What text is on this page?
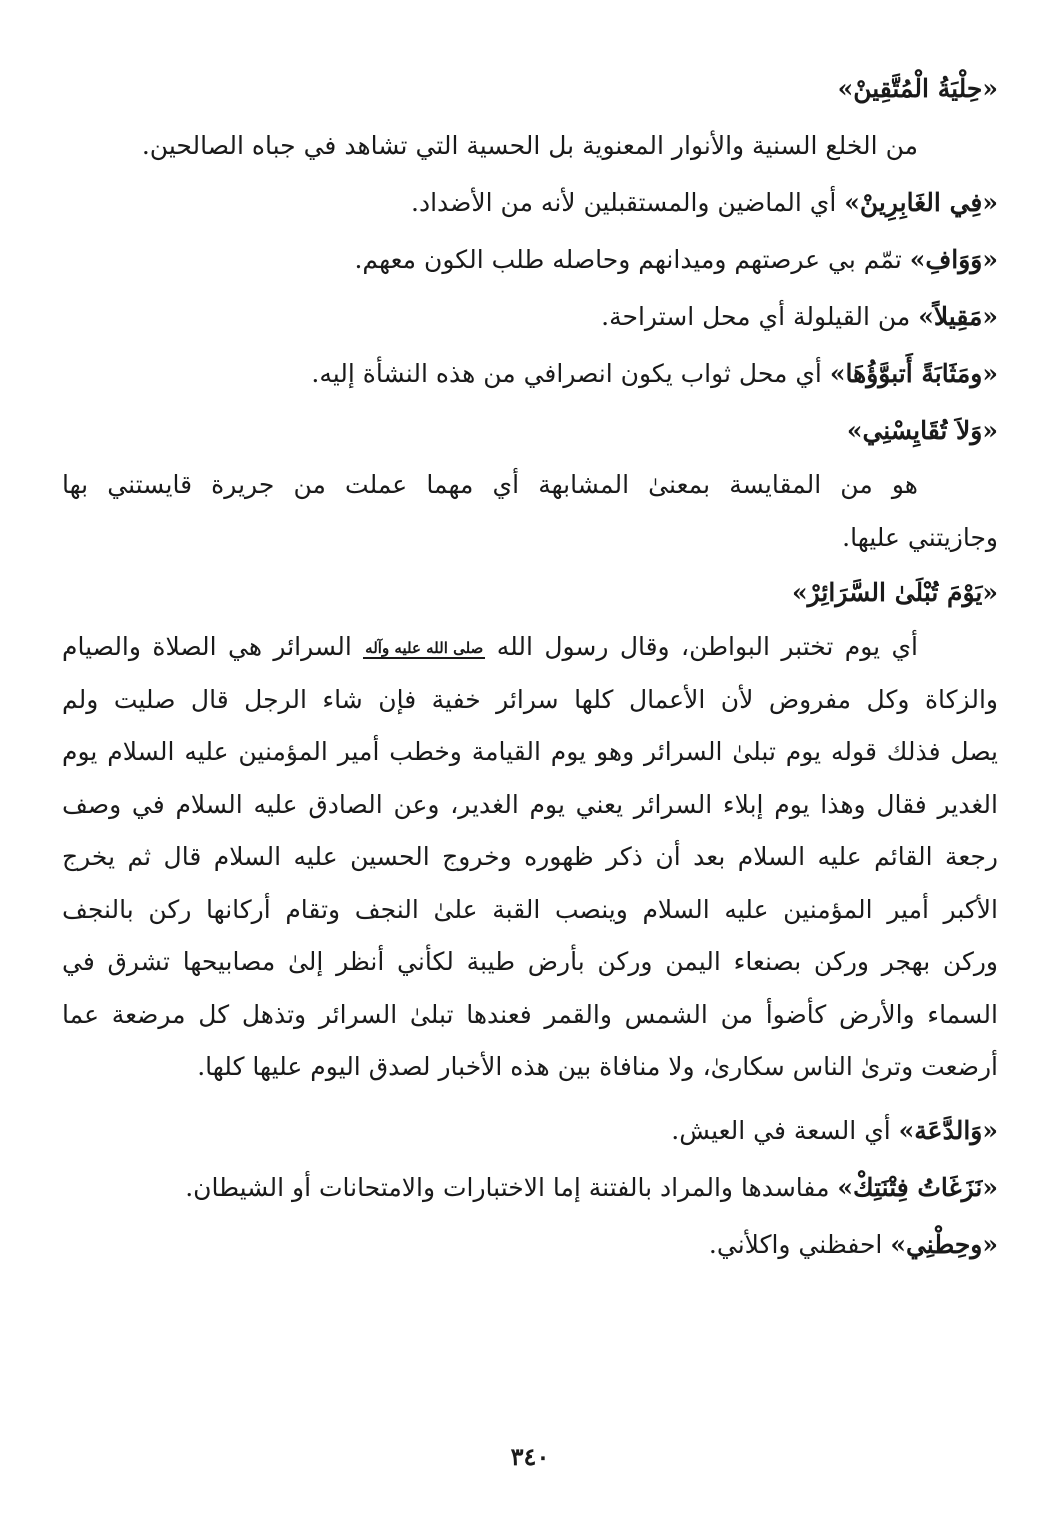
«حِلْيَةُ الْمُتَّقِينْ»
من الخلع السنية والأنوار المعنوية بل الحسية التي تشاهد في جباه الصالحين.
«فِي الغَابِرِينْ» أي الماضين والمستقبلين لأنه من الأضداد.
«وَوَافِ» تمّم بي عرصتهم وميدانهم وحاصله طلب الكون معهم.
«مَقِيلاً» من القيلولة أي محل استراحة.
«ومَثَابَةً أَتبوَّؤُهَا» أي محل ثواب يكون انصرافي من هذه النشأة إليه.
«وَلاَ تُقَايِسْنِي»
هو من المقايسة بمعنىٰ المشابهة أي مهما عملت من جريرة قايستني بها
وجازيتني عليها.
«يَوْمَ تُبْلَىٰ السَّرَائِرْ»
أي يوم تختبر البواطن، وقال رسول الله صلى الله عليه وآله السرائر هي الصلاة والصيام
والزكاة وكل مفروض لأن الأعمال كلها سرائر خفية فإن شاء الرجل قال صليت ولم
يصل فذلك قوله يوم تبلىٰ السرائر وهو يوم القيامة وخطب أمير المؤمنين عليه السلام يوم
الغدير فقال وهذا يوم إبلاء السرائر يعني يوم الغدير، وعن الصادق عليه السلام في وصف
رجعة القائم عليه السلام بعد أن ذكر ظهوره وخروج الحسين عليه السلام قال ثم يخرج
الأكبر أمير المؤمنين عليه السلام وينصب القبة علىٰ النجف وتقام أركانها ركن بالنجف
وركن بهجر وركن بصنعاء اليمن وركن بأرض طيبة لكأني أنظر إلىٰ مصابيحها تشرق في
السماء والأرض كأضوأ من الشمس والقمر فعندها تبلىٰ السرائر وتذهل كل مرضعة عما
أرضعت وترىٰ الناس سكارىٰ، ولا منافاة بين هذه الأخبار لصدق اليوم عليها كلها.
«وَالدَّعَة» أي السعة في العيش.
«نَزَغَاتُ فِتْنَتِكْ» مفاسدها والمراد بالفتنة إما الاختبارات والامتحانات أو الشيطان.
«وحِطْنِي» احفظني واكلأني.
٣٤٠
